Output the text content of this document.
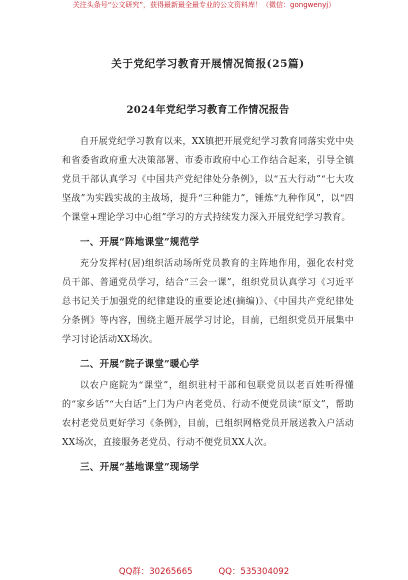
关注头条号“公文研究”，获得最新最全最专业的公文资料库！（微信：gongwenyj）
关于党纪学习教育开展情况简报(25篇)
2024年党纪学习教育工作情况报告

自开展党纪学习教育以来，XX镇把开展党纪学习教育同落实党中央和省委省政府重大决策部署、市委市政府中心工作结合起来，引导全镇党员干部认真学习《中国共产党纪律处分条例》，以“五大行动”“七大攻坚战”为实践实战的主战场，提升“三种能力”，锤炼“九种作风”，以“四个课堂+理论学习中心组”学习的方式持续发力深入开展党纪学习教育。

一、开展“阵地课堂”规范学

充分发挥村(居)组织活动场所党员教育的主阵地作用，强化农村党员干部、普通党员学习，结合“三会一课”，组织党员认真学习《习近平总书记关于加强党的纪律建设的重要论述(摘编)》、《中国共产党纪律处分条例》等内容，围绕主题开展学习讨论，目前，已组织党员开展集中学习讨论活动XX场次。

二、开展“院子课堂”暖心学

以农户庭院为“课堂”，组织驻村干部和包联党员以老百姓听得懂的“家乡话”“大白话”上门为户内老党员、行动不便党员读“原文”，帮助农村老党员更好学习《条例》，目前，已组织网格党员开展送教入户活动XX场次，直接服务老党员、行动不便党员XX人次。

三、开展“基地课堂”现场学
QQ群：30265665	QQ：535304092
